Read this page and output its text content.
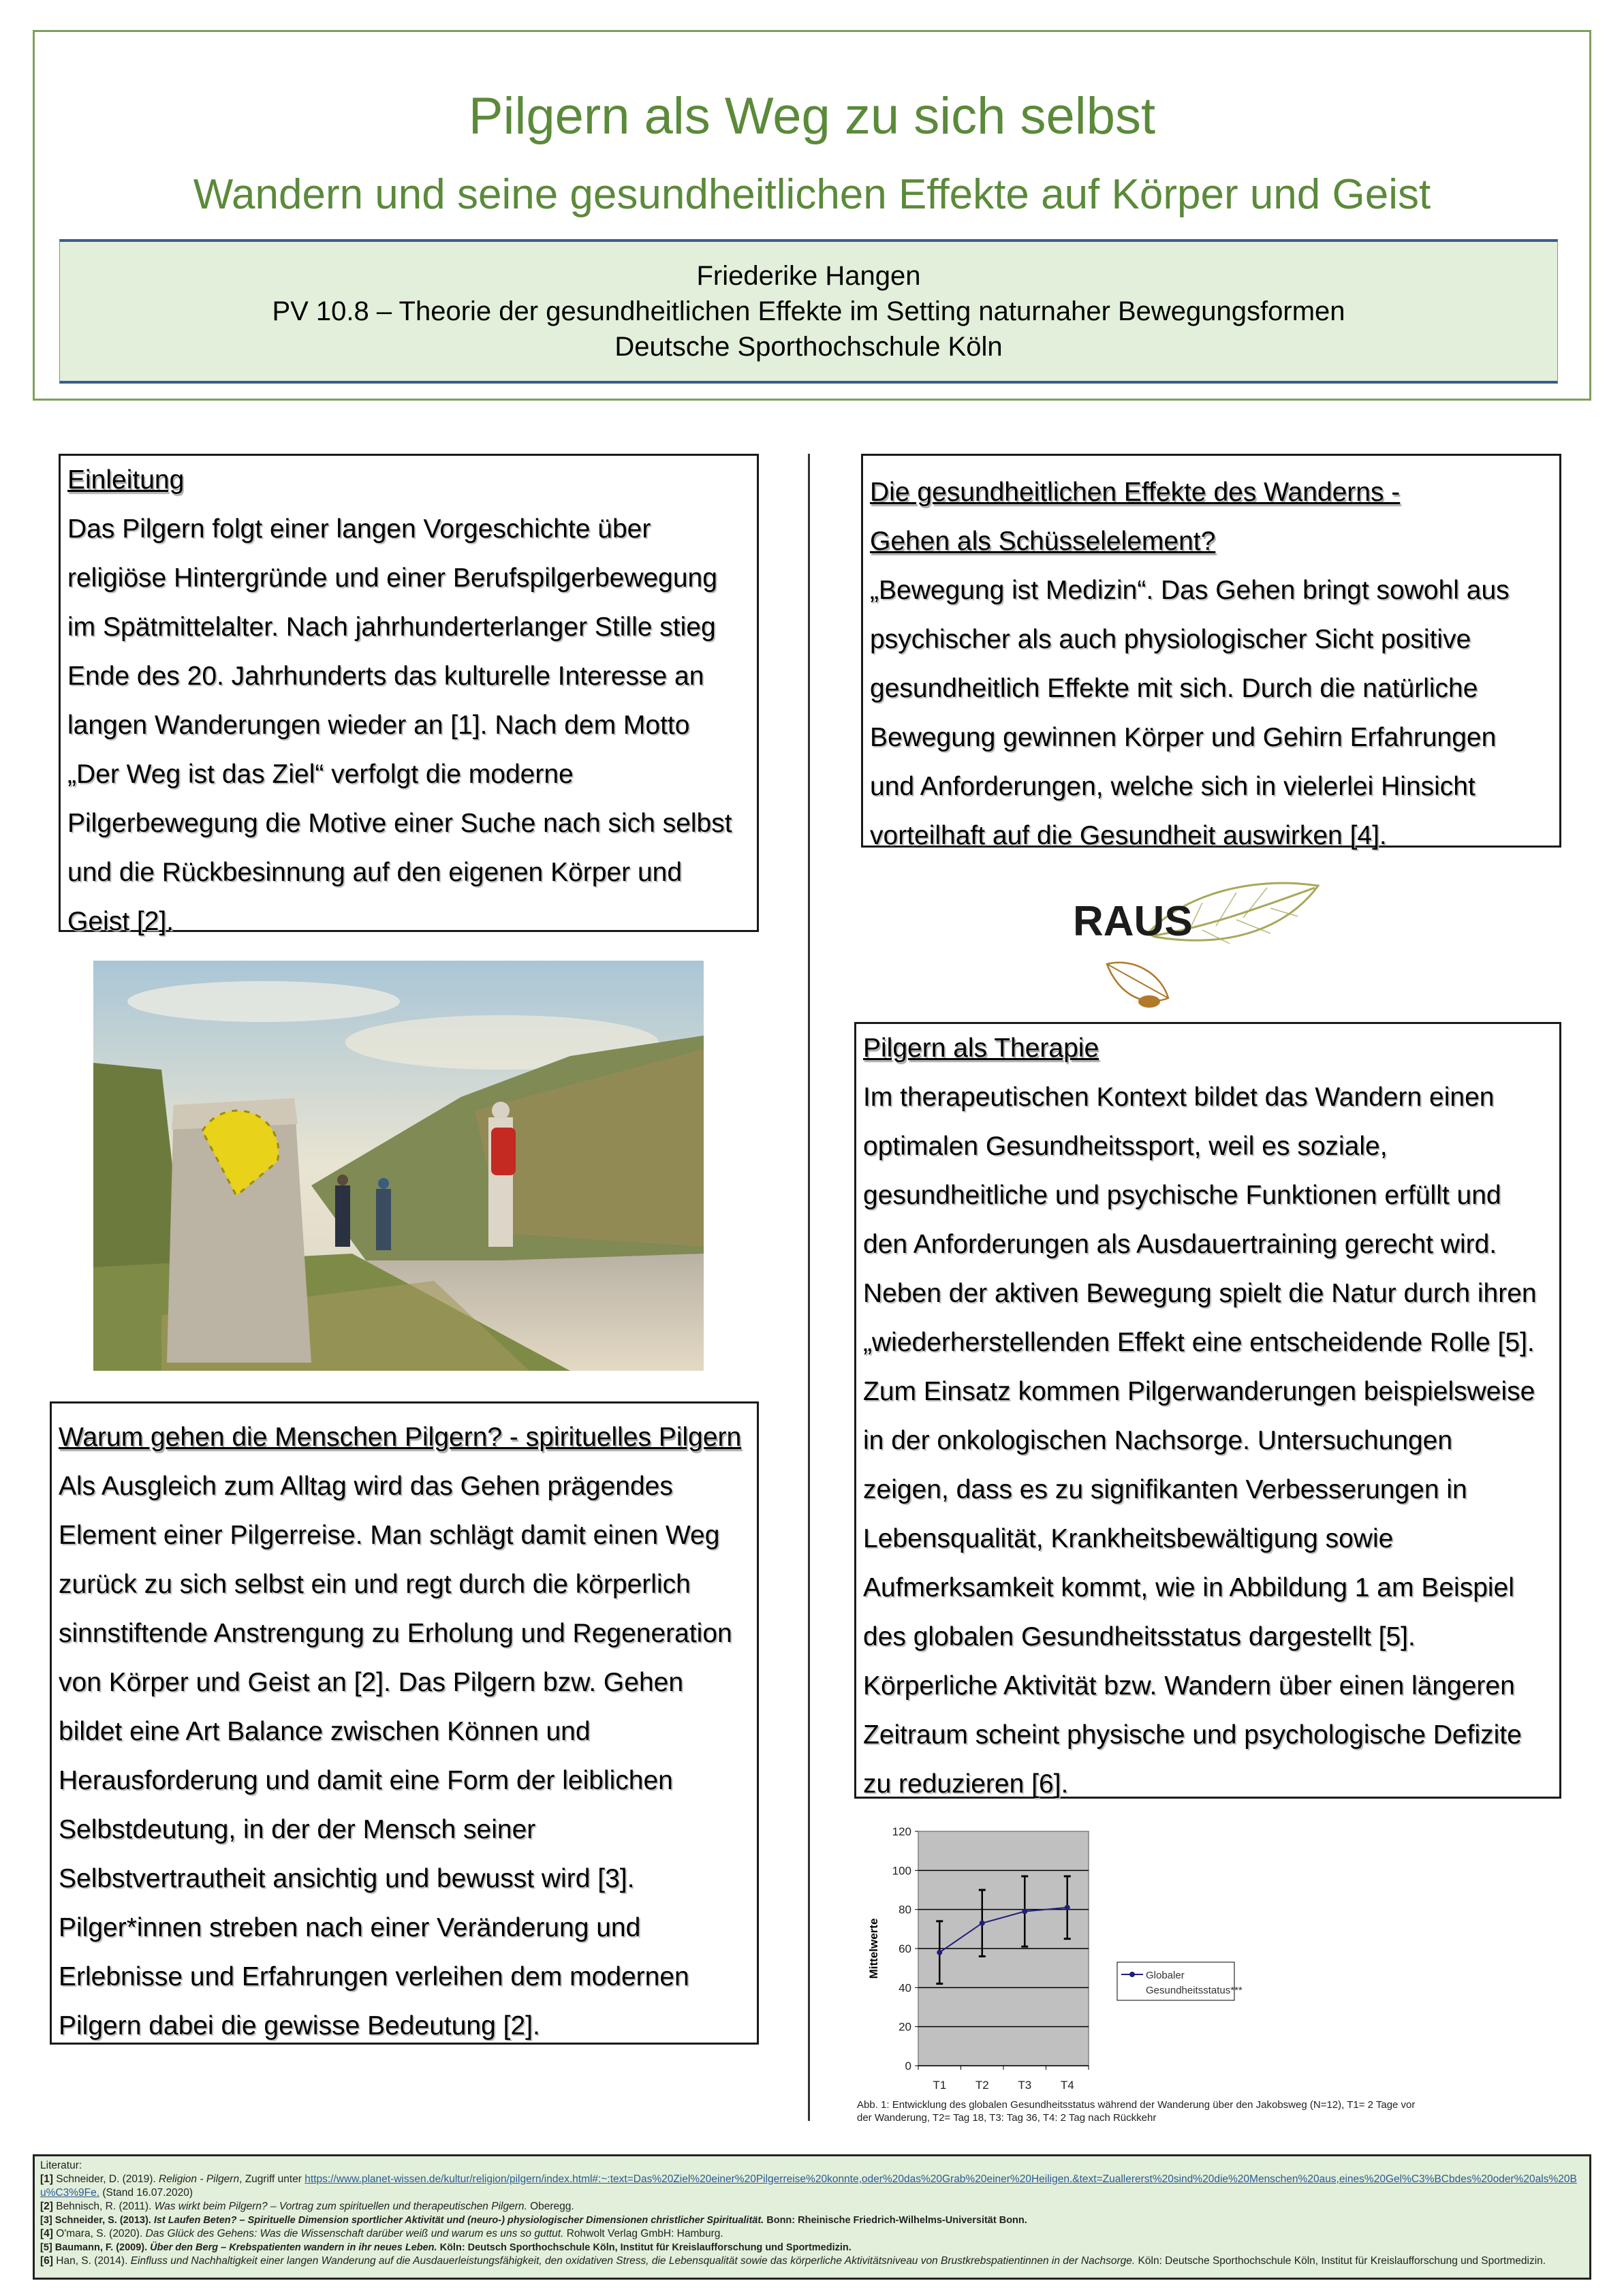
Pilgern als Weg zu sich selbst
Wandern und seine gesundheitlichen Effekte auf Körper und Geist
Friederike Hangen
PV 10.8 – Theorie der gesundheitlichen Effekte im Setting naturnaher Bewegungsformen
Deutsche Sporthochschule Köln

Einleitung

Das Pilgern folgt einer langen Vorgeschichte über

religiöse Hintergründe und einer Berufspilgerbewegung

im Spätmittelalter. Nach jahrhunderterlanger Stille stieg

Ende des 20. Jahrhunderts das kulturelle Interesse an

langen Wanderungen wieder an [1]. Nach dem Motto

„Der Weg ist das Ziel“ verfolgt die moderne

Pilgerbewegung die Motive einer Suche nach sich selbst

und die Rückbesinnung auf den eigenen Körper und

Geist [2].

Warum gehen die Menschen Pilgern? - spirituelles Pilgern

Als Ausgleich zum Alltag wird das Gehen prägendes

Element einer Pilgerreise. Man schlägt damit einen Weg

zurück zu sich selbst ein und regt durch die körperlich

sinnstiftende Anstrengung zu Erholung und Regeneration

von Körper und Geist an [2]. Das Pilgern bzw. Gehen

bildet eine Art Balance zwischen Können und

Herausforderung und damit eine Form der leiblichen

Selbstdeutung, in der der Mensch seiner

Selbstvertrautheit ansichtig und bewusst wird [3].

Pilger*innen streben nach einer Veränderung und

Erlebnisse und Erfahrungen verleihen dem modernen

Pilgern dabei die gewisse Bedeutung [2].

Die gesundheitlichen Effekte des Wanderns -

Gehen als Schüsselelement?

„Bewegung ist Medizin“. Das Gehen bringt sowohl aus

psychischer als auch physiologischer Sicht positive

gesundheitlich Effekte mit sich. Durch die natürliche

Bewegung gewinnen Körper und Gehirn Erfahrungen

und Anforderungen, welche sich in vielerlei Hinsicht

vorteilhaft auf die Gesundheit auswirken [4].

RAUS

Pilgern als Therapie

Im therapeutischen Kontext bildet das Wandern einen

optimalen Gesundheitssport, weil es soziale,

gesundheitliche und psychische Funktionen erfüllt und

den Anforderungen als Ausdauertraining gerecht wird.

Neben der aktiven Bewegung spielt die Natur durch ihren

„wiederherstellenden Effekt eine entscheidende Rolle [5].

Zum Einsatz kommen Pilgerwanderungen beispielsweise

in der onkologischen Nachsorge. Untersuchungen

zeigen, dass es zu signifikanten Verbesserungen in

Lebensqualität, Krankheitsbewältigung sowie

Aufmerksamkeit kommt, wie in Abbildung 1 am Beispiel

des globalen Gesundheitsstatus dargestellt [5].

Körperliche Aktivität bzw. Wandern über einen längeren

Zeitraum scheint physische und psychologische Defizite

zu reduzieren [6].

0
20
40
60
80
100
120
T1	T2	T3	T4
Mittelwerte	Globaler
Gesundheitsstatus***
Abb. 1: Entwicklung des globalen Gesundheitsstatus während der Wanderung über den Jakobsweg (N=12), T1= 2 Tage vor
der Wanderung, T2= Tag 18, T3: Tag 36, T4: 2 Tag nach Rückkehr
Literatur:
[1] Schneider, D. (2019). Religion - Pilgern, Zugriff unter https://www.planet-wissen.de/kultur/religion/pilgern/index.html#:~:text=Das%20Ziel%20einer%20Pilgerreise%20konnte,oder%20das%20Grab%20einer%20Heiligen.&text=Zuallererst%20sind%20die%20Menschen%20aus,eines%20Gel%C3%BCbdes%20oder%20als%20Bu%C3%9Fe. (Stand 16.07.2020)
[2] Behnisch, R. (2011). Was wirkt beim Pilgern? – Vortrag zum spirituellen und therapeutischen Pilgern. Oberegg.
[3] Schneider, S. (2013). Ist Laufen Beten? – Spirituelle Dimension sportlicher Aktivität und (neuro-) physiologischer Dimensionen christlicher Spiritualität. Bonn: Rheinische Friedrich-Wilhelms-Universität Bonn.
[4] O'mara, S. (2020). Das Glück des Gehens: Was die Wissenschaft darüber weiß und warum es uns so guttut. Rohwolt Verlag GmbH: Hamburg.
[5] Baumann, F. (2009). Über den Berg – Krebspatienten wandern in ihr neues Leben. Köln: Deutsch Sporthochschule Köln, Institut für Kreislaufforschung und Sportmedizin.
[6] Han, S. (2014). Einfluss und Nachhaltigkeit einer langen Wanderung auf die Ausdauerleistungsfähigkeit, den oxidativen Stress, die Lebensqualität sowie das körperliche Aktivitätsniveau von Brustkrebspatientinnen in der Nachsorge. Köln: Deutsche Sporthochschule Köln, Institut für Kreislaufforschung und Sportmedizin.
